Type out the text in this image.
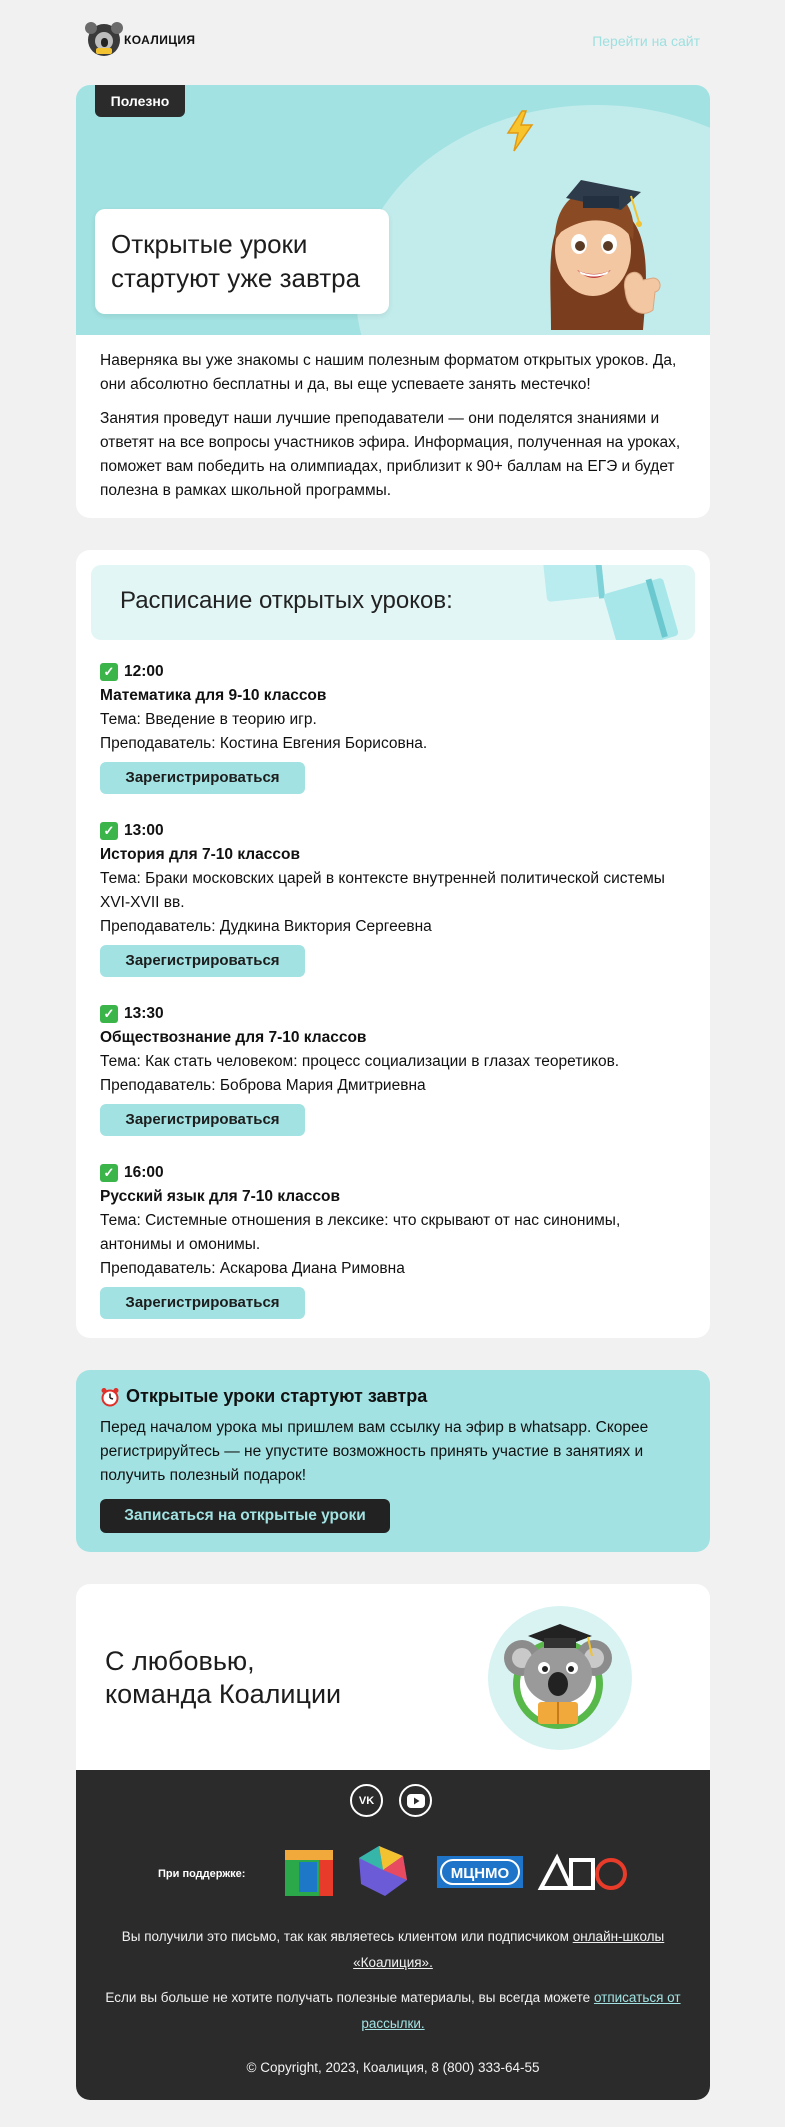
КОАЛИЦИЯ	Перейти на сайт
Полезно
Открытые уроки
стартуют уже завтра

Наверняка вы уже знакомы с нашим полезным форматом открытых уроков. Да, они абсолютно бесплатны и да, вы еще успеваете занять местечко!

Занятия проведут наши лучшие преподаватели — они поделятся знаниями и ответят на все вопросы участников эфира. Информация, полученная на уроках, поможет вам победить на олимпиадах, приблизит к 90+ баллам на ЕГЭ и будет полезна в рамках школьной программы.

Расписание открытых уроков:
✓ 12:00
Математика для 9-10 классов
Тема: Введение в теорию игр.
Преподаватель: Костина Евгения Борисовна.
Зарегистрироваться
✓ 13:00
История для 7-10 классов
Тема: Браки московских царей в контексте внутренней политической системы XVI-XVII вв.
Преподаватель: Дудкина Виктория Сергеевна
Зарегистрироваться
✓ 13:30
Обществознание для 7-10 классов
Тема: Как стать человеком: процесс социализации в глазах теоретиков.
Преподаватель: Боброва Мария Дмитриевна
Зарегистрироваться
✓ 16:00
Русский язык для 7-10 классов
Тема: Системные отношения в лексике: что скрывают от нас синонимы, антонимы и омонимы.
Преподаватель: Аскарова Диана Римовна
Зарегистрироваться
Открытые уроки стартуют завтра
Перед началом урока мы пришлем вам ссылку на эфир в whatsapp. Скорее регистрируйтесь — не упустите возможность принять участие в занятиях и получить полезный подарок!
Записаться на открытые уроки
С любовью,
команда Коалиции
VK
При поддержке:	МЦНМО
ДПО
Вы получили это письмо, так как являетесь клиентом или подписчиком онлайн-школы «Коалиция».
Если вы больше не хотите получать полезные материалы, вы всегда можете отписаться от рассылки.
© Copyright, 2023, Коалиция, 8 (800) 333-64-55
